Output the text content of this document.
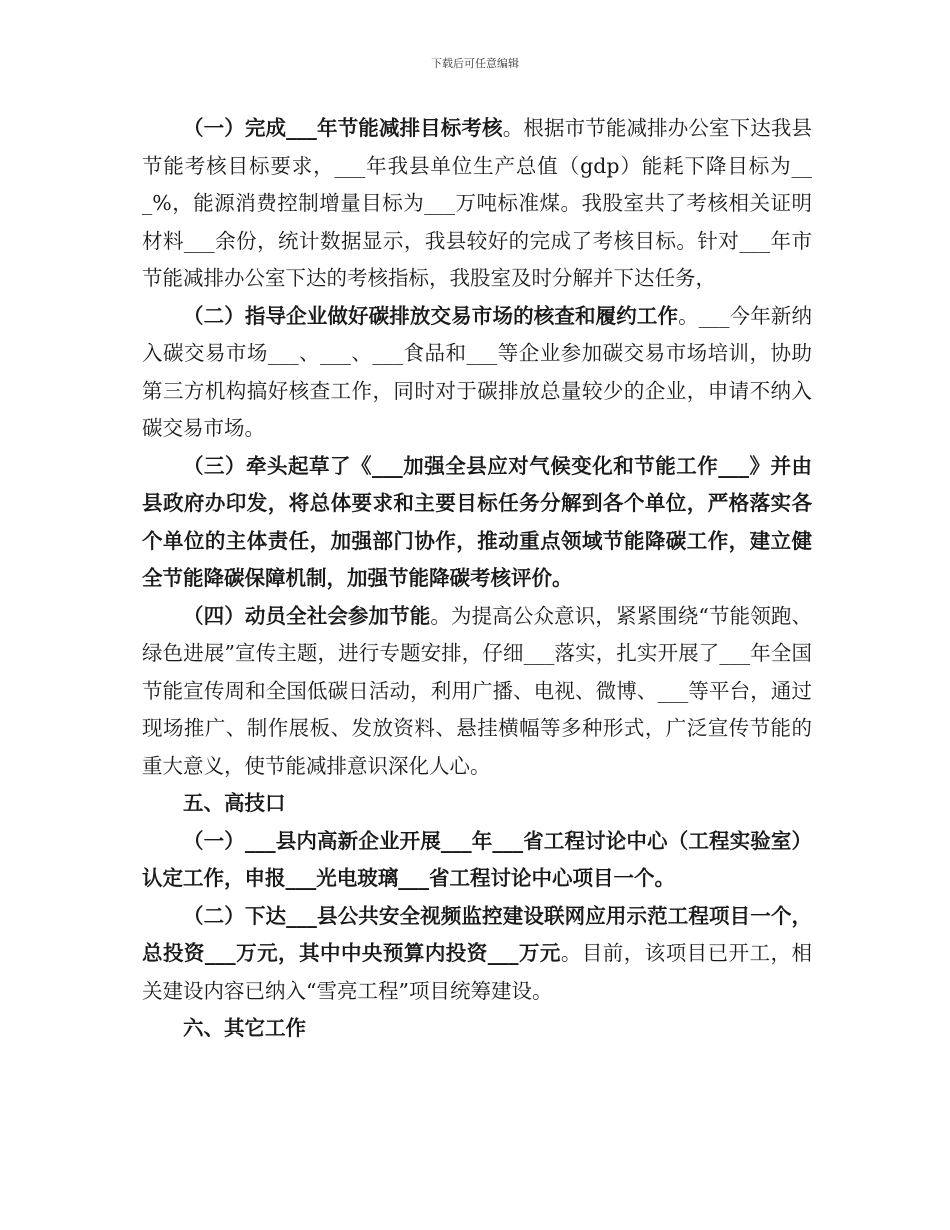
下载后可任意编辑

（一）完成___年节能减排目标考核。根据市节能减排办公室下达我县节能考核目标要求，___年我县单位生产总值（gdp）能耗下降目标为___%，能源消费控制增量目标为___万吨标准煤。我股室共了考核相关证明材料___余份，统计数据显示，我县较好的完成了考核目标。针对___年市节能减排办公室下达的考核指标，我股室及时分解并下达任务，

（二）指导企业做好碳排放交易市场的核查和履约工作。___今年新纳入碳交易市场___、___、___食品和___等企业参加碳交易市场培训，协助第三方机构搞好核查工作，同时对于碳排放总量较少的企业，申请不纳入碳交易市场。

（三）牵头起草了《___加强全县应对气候变化和节能工作___》并由县政府办印发，将总体要求和主要目标任务分解到各个单位，严格落实各个单位的主体责任，加强部门协作，推动重点领域节能降碳工作，建立健全节能降碳保障机制，加强节能降碳考核评价。

（四）动员全社会参加节能。为提高公众意识，紧紧围绕“节能领跑、绿色进展”宣传主题，进行专题安排，仔细___落实，扎实开展了___年全国节能宣传周和全国低碳日活动，利用广播、电视、微博、___等平台，通过现场推广、制作展板、发放资料、悬挂横幅等多种形式，广泛宣传节能的重大意义，使节能减排意识深化人心。

五、高技口

（一）___县内高新企业开展___年___省工程讨论中心（工程实验室）认定工作，申报___光电玻璃___省工程讨论中心项目一个。

（二）下达___县公共安全视频监控建设联网应用示范工程项目一个，总投资___万元，其中中央预算内投资___万元。目前，该项目已开工，相关建设内容已纳入“雪亮工程”项目统筹建设。

六、其它工作
